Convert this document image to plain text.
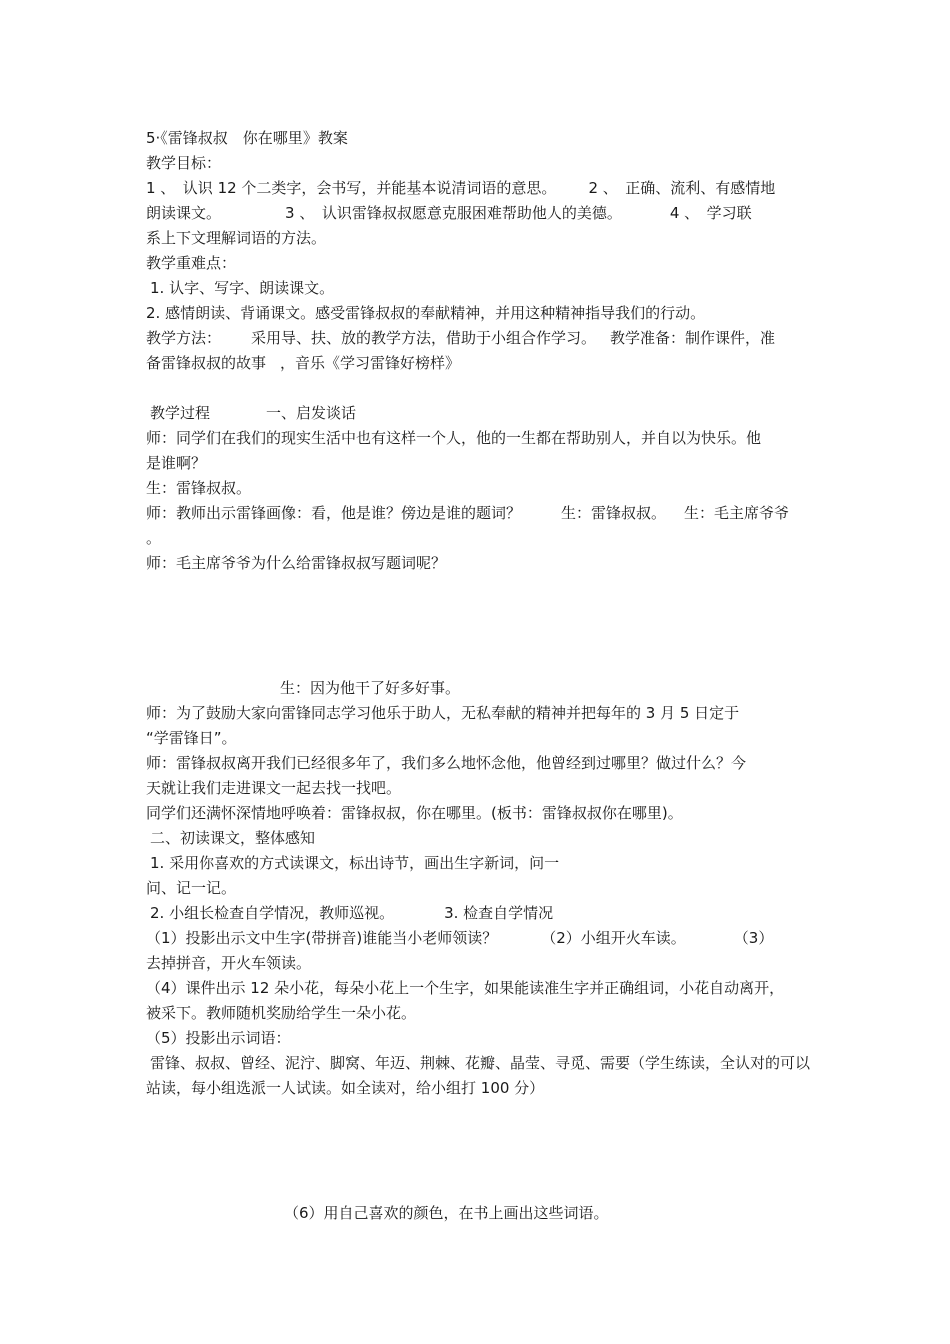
5·《雷锋叔叔　你在哪里》教案
教学目标：
1 、　认识 12 个二类字，会书写，并能基本说清词语的意思。 2 、　正确、流利、有感情地
朗读课文。	3 、　认识雷锋叔叔愿意克服困难帮助他人的美德。	4 、　学习联
系上下文理解词语的方法。
教学重难点：
1. 认字、写字、朗读课文。
2. 感情朗读、背诵课文。感受雷锋叔叔的奉献精神，并用这种精神指导我们的行动。
教学方法： 采用导、扶、放的教学方法，借助于小组合作学习。 教学准备：制作课件，准
备雷锋叔叔的故事 ，音乐《学习雷锋好榜样》
教学过程	一、启发谈话
师：同学们在我们的现实生活中也有这样一个人，他的一生都在帮助别人，并自以为快乐。他
是谁啊？
生：雷锋叔叔。
师：教师出示雷锋画像：看，他是谁？傍边是谁的题词？	生：雷锋叔叔。 生：毛主席爷爷
。
师：毛主席爷爷为什么给雷锋叔叔写题词呢？
生：因为他干了好多好事。
师：为了鼓励大家向雷锋同志学习他乐于助人，无私奉献的精神并把每年的 3 月 5 日定于
“学雷锋日”。
师：雷锋叔叔离开我们已经很多年了，我们多么地怀念他，他曾经到过哪里？做过什么？今
天就让我们走进课文一起去找一找吧。
同学们还满怀深情地呼唤着：雷锋叔叔，你在哪里。(板书：雷锋叔叔你在哪里)。
二、初读课文，整体感知
1. 采用你喜欢的方式读课文，标出诗节，画出生字新词，问一
问、记一记。
2. 小组长检查自学情况，教师巡视。	3. 检查自学情况
（1）投影出示文中生字(带拼音)谁能当小老师领读？	（2）小组开火车读。	（3）
去掉拼音，开火车领读。
（4）课件出示 12 朵小花，每朵小花上一个生字，如果能读准生字并正确组词，小花自动离开，
被采下。教师随机奖励给学生一朵小花。
（5）投影出示词语：
雷锋、叔叔、曾经、泥泞、脚窝、年迈、荆棘、花瓣、晶莹、寻觅、需要（学生练读，全认对的可以
站读，每小组选派一人试读。如全读对，给小组打 100 分）
（6）用自己喜欢的颜色，在书上画出这些词语。
